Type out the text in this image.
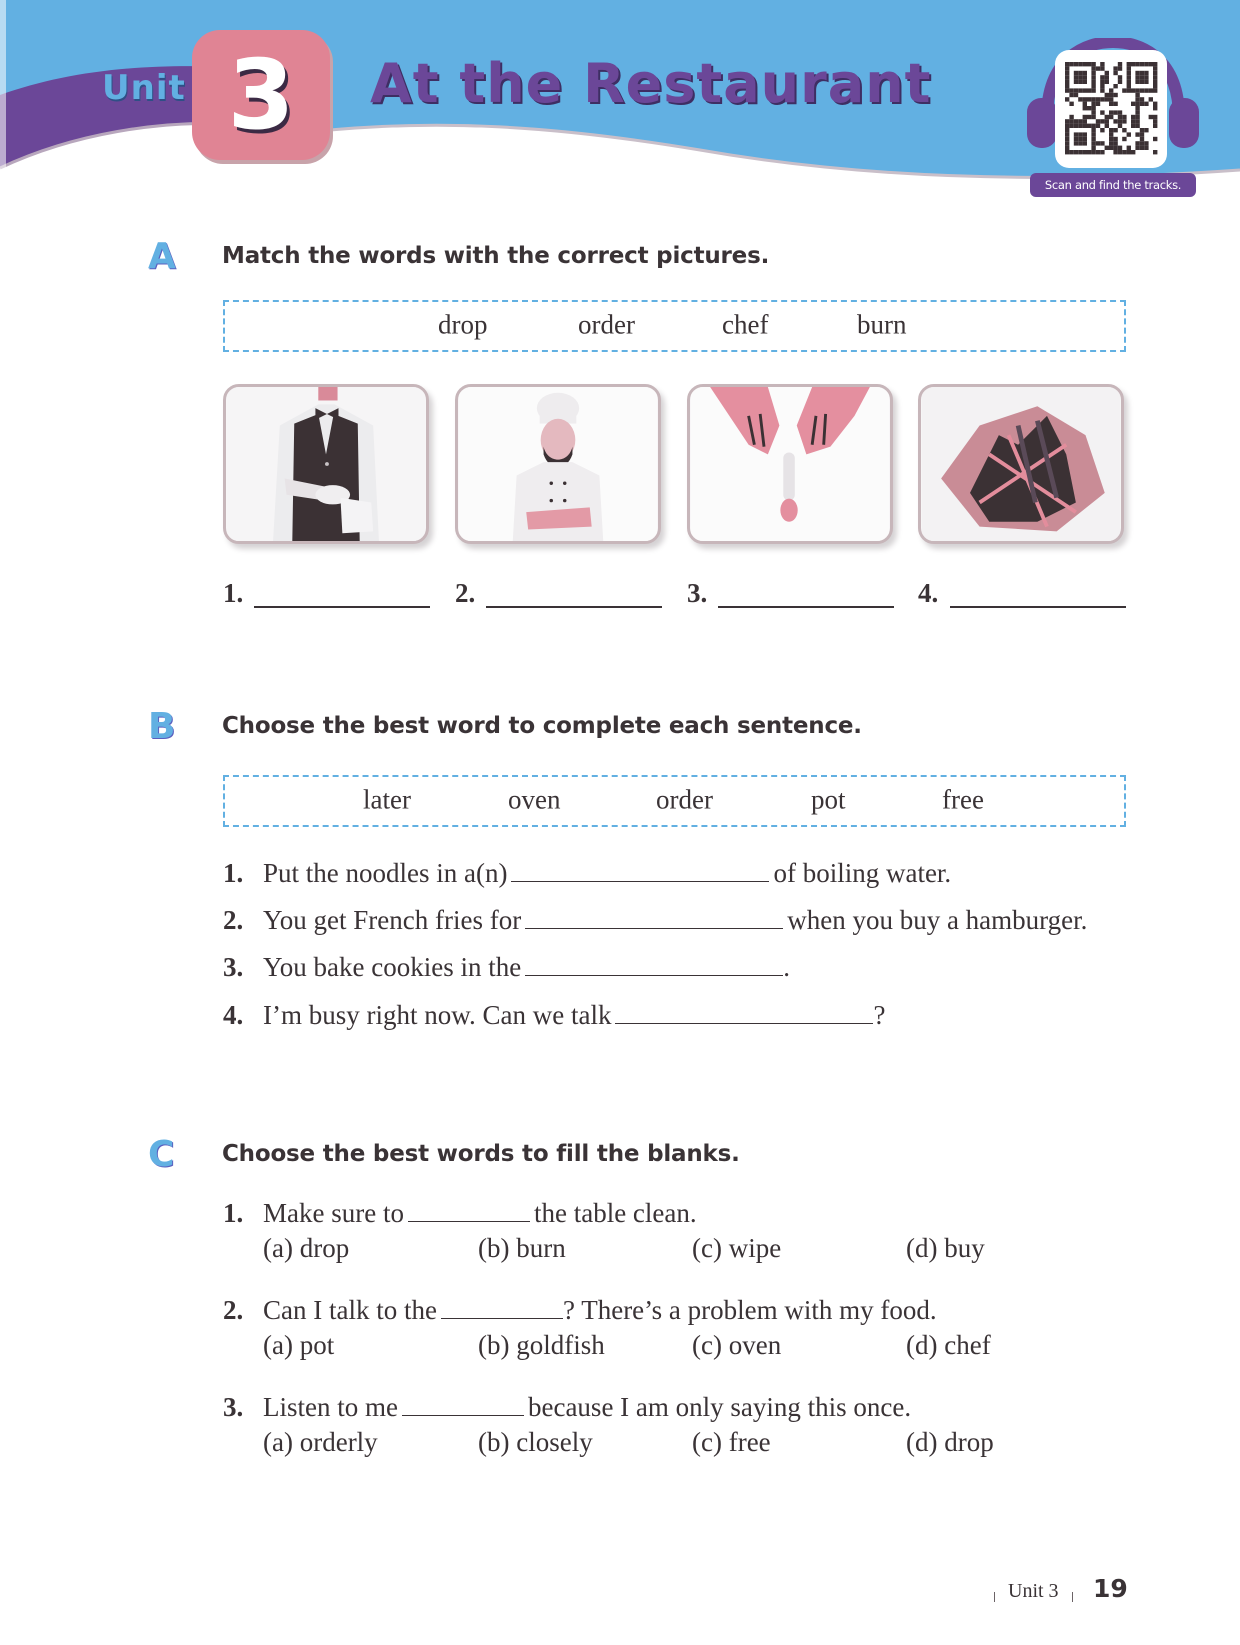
Unit 3	At the Restaurant
Scan and find the tracks.
A Match the words with the correct pictures.
drop	order	chef	burn
1.	2.	3.	4.
B Choose the best word to complete each sentence.
later	oven	order	pot	free
1. Put the noodles in a(n)	of boiling water.
2. You get French fries for	when you buy a hamburger.
3. You bake cookies in the	.
4. I’m busy right now. Can we talk	?
C Choose the best words to fill the blanks.
1. Make sure to	the table clean.
(a) drop	(b) burn	(c) wipe	(d) buy
2. Can I talk to the	? There’s a problem with my food.
(a) pot	(b) goldfish	(c) oven	(d) chef
3. Listen to me	because I am only saying this once.
(a) orderly	(b) closely	(c) free	(d) drop
Unit 3 19
